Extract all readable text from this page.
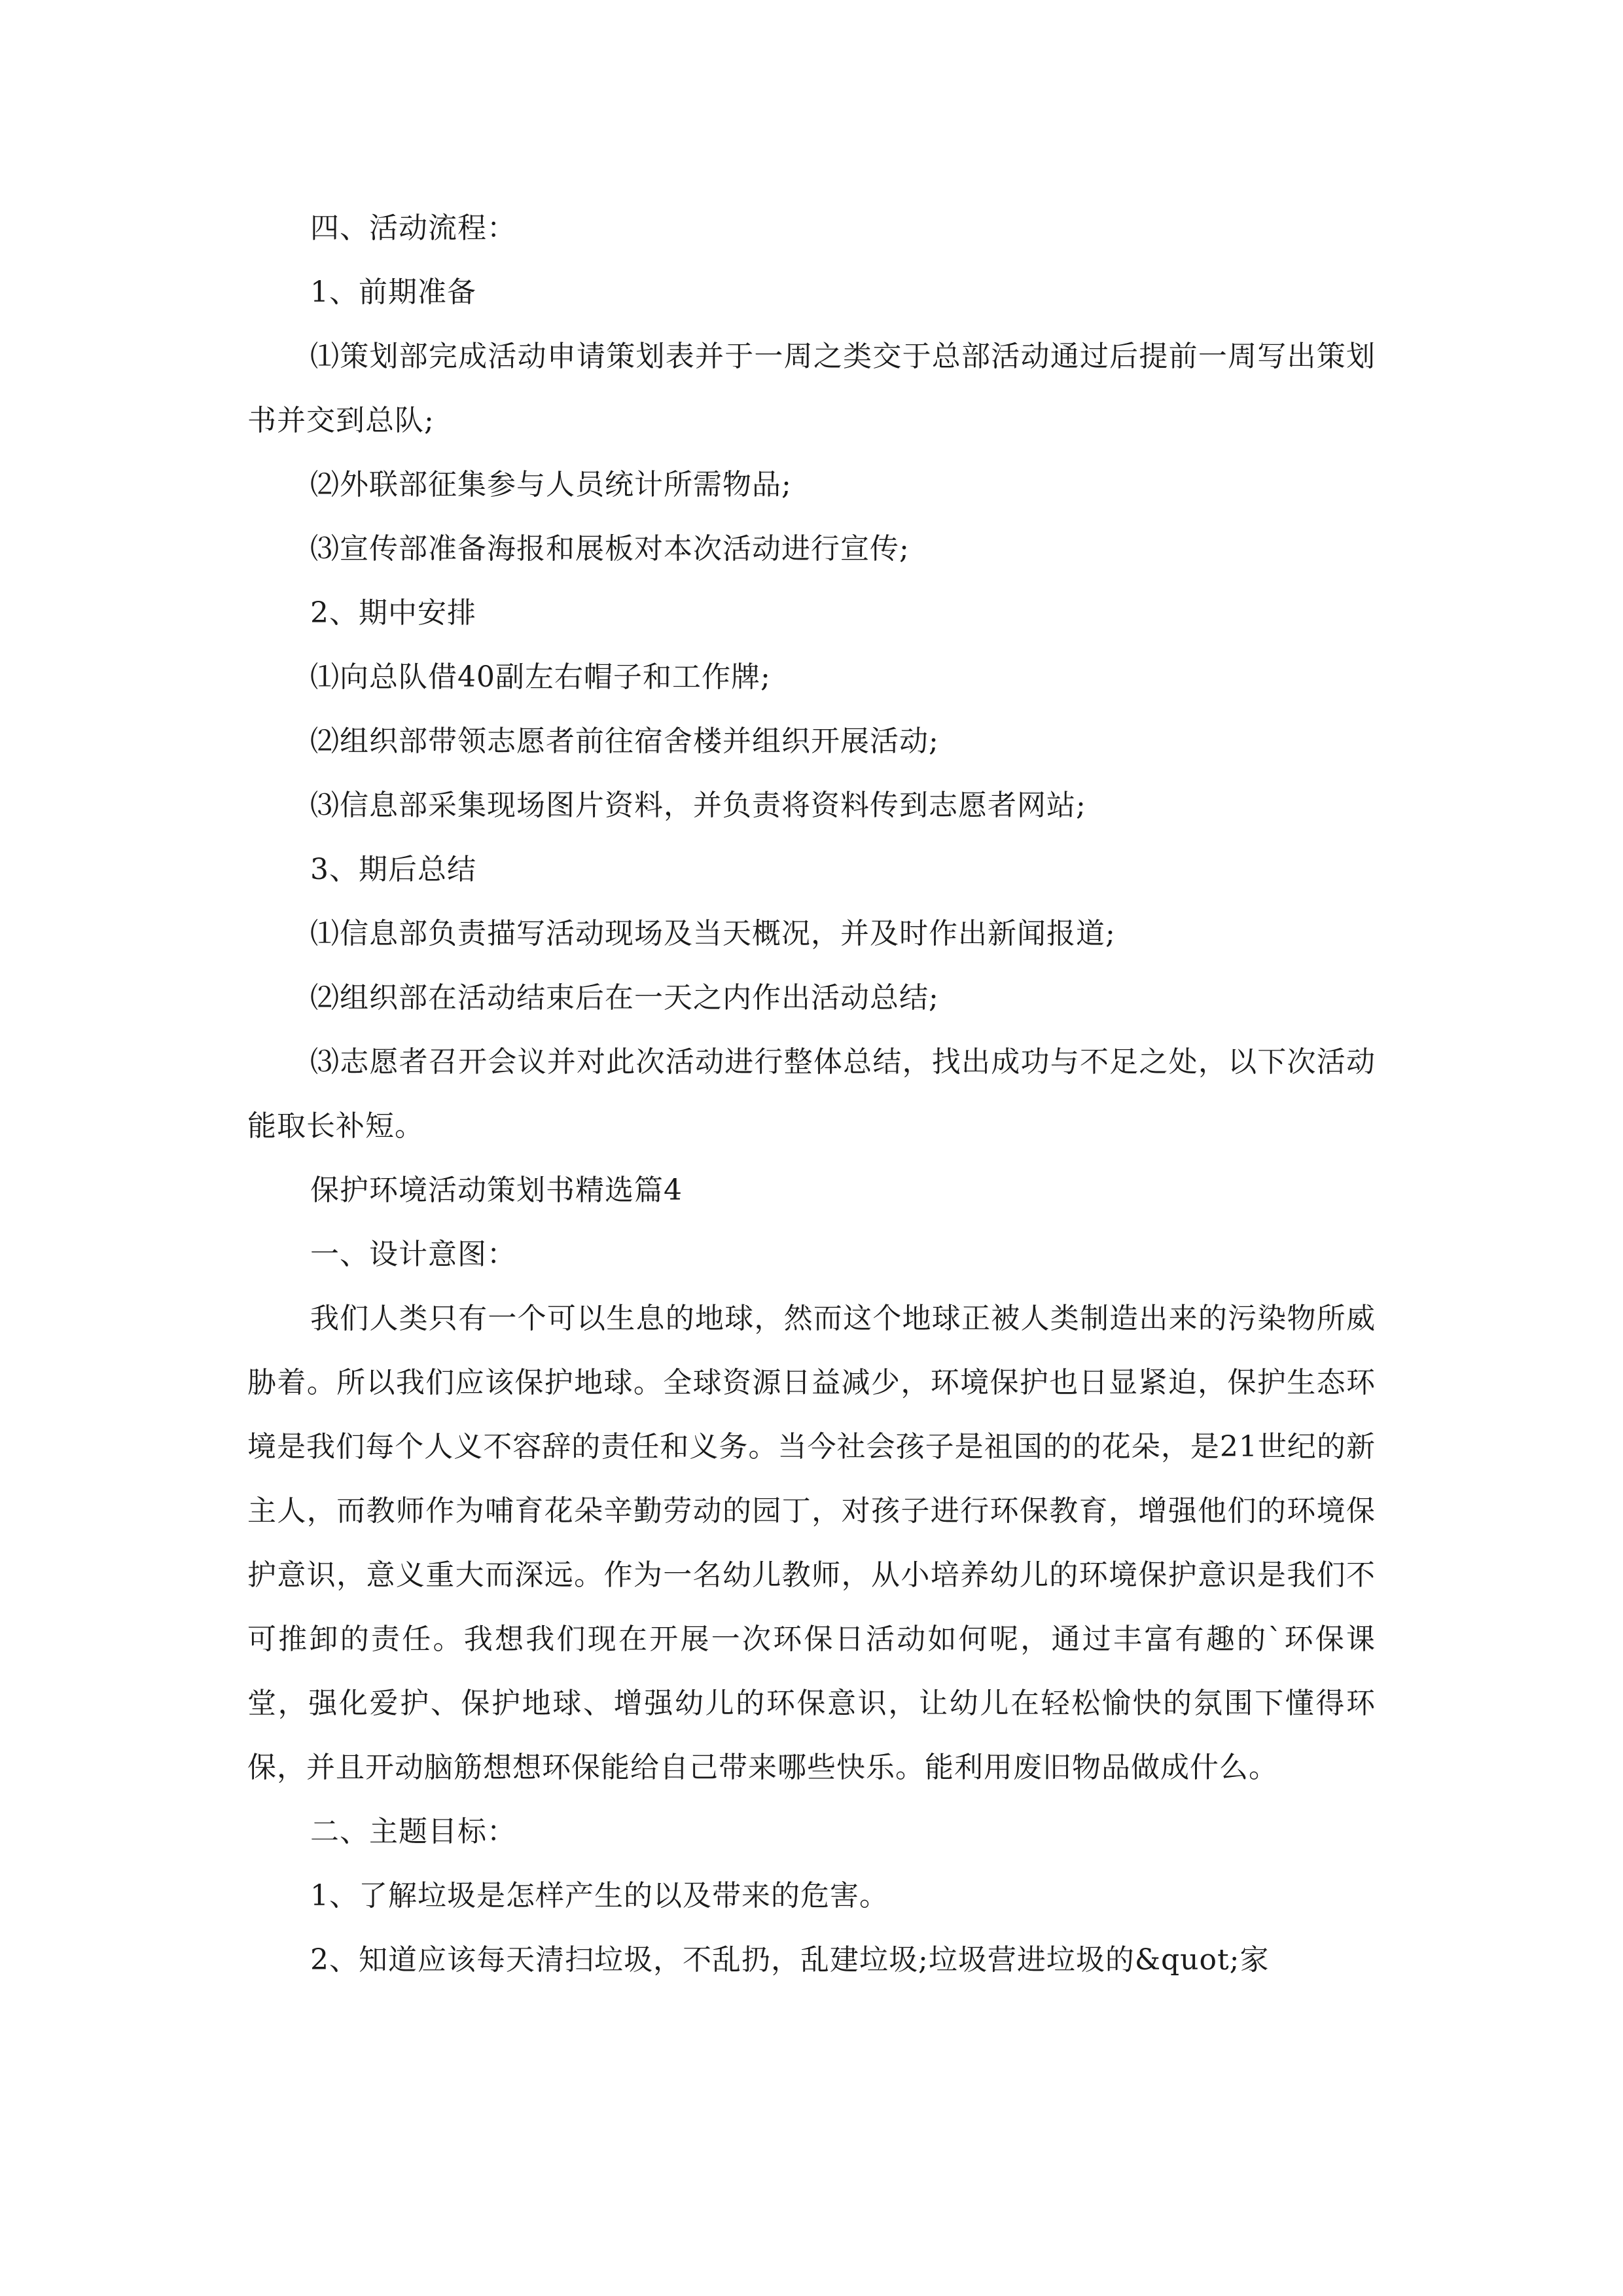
四、活动流程：

1、前期准备

⑴策划部完成活动申请策划表并于一周之类交于总部活动通过后提前一周写出策划书并交到总队;

⑵外联部征集参与人员统计所需物品;

⑶宣传部准备海报和展板对本次活动进行宣传;

2、期中安排

⑴向总队借40副左右帽子和工作牌;

⑵组织部带领志愿者前往宿舍楼并组织开展活动;

⑶信息部采集现场图片资料，并负责将资料传到志愿者网站;

3、期后总结

⑴信息部负责描写活动现场及当天概况，并及时作出新闻报道;

⑵组织部在活动结束后在一天之内作出活动总结;

⑶志愿者召开会议并对此次活动进行整体总结，找出成功与不足之处，以下次活动能取长补短。

保护环境活动策划书精选篇4

一、设计意图：

我们人类只有一个可以生息的地球，然而这个地球正被人类制造出来的污染物所威胁着。所以我们应该保护地球。全球资源日益减少，环境保护也日显紧迫，保护生态环境是我们每个人义不容辞的责任和义务。当今社会孩子是祖国的的花朵，是21世纪的新主人，而教师作为哺育花朵辛勤劳动的园丁，对孩子进行环保教育，增强他们的环境保护意识，意义重大而深远。作为一名幼儿教师，从小培养幼儿的环境保护意识是我们不可推卸的责任。我想我们现在开展一次环保日活动如何呢，通过丰富有趣的`环保课堂，强化爱护、保护地球、增强幼儿的环保意识，让幼儿在轻松愉快的氛围下懂得环保，并且开动脑筋想想环保能给自己带来哪些快乐。能利用废旧物品做成什么。

二、主题目标：

1、了解垃圾是怎样产生的以及带来的危害。

2、知道应该每天清扫垃圾，不乱扔，乱建垃圾;垃圾营进垃圾的&quot;家
